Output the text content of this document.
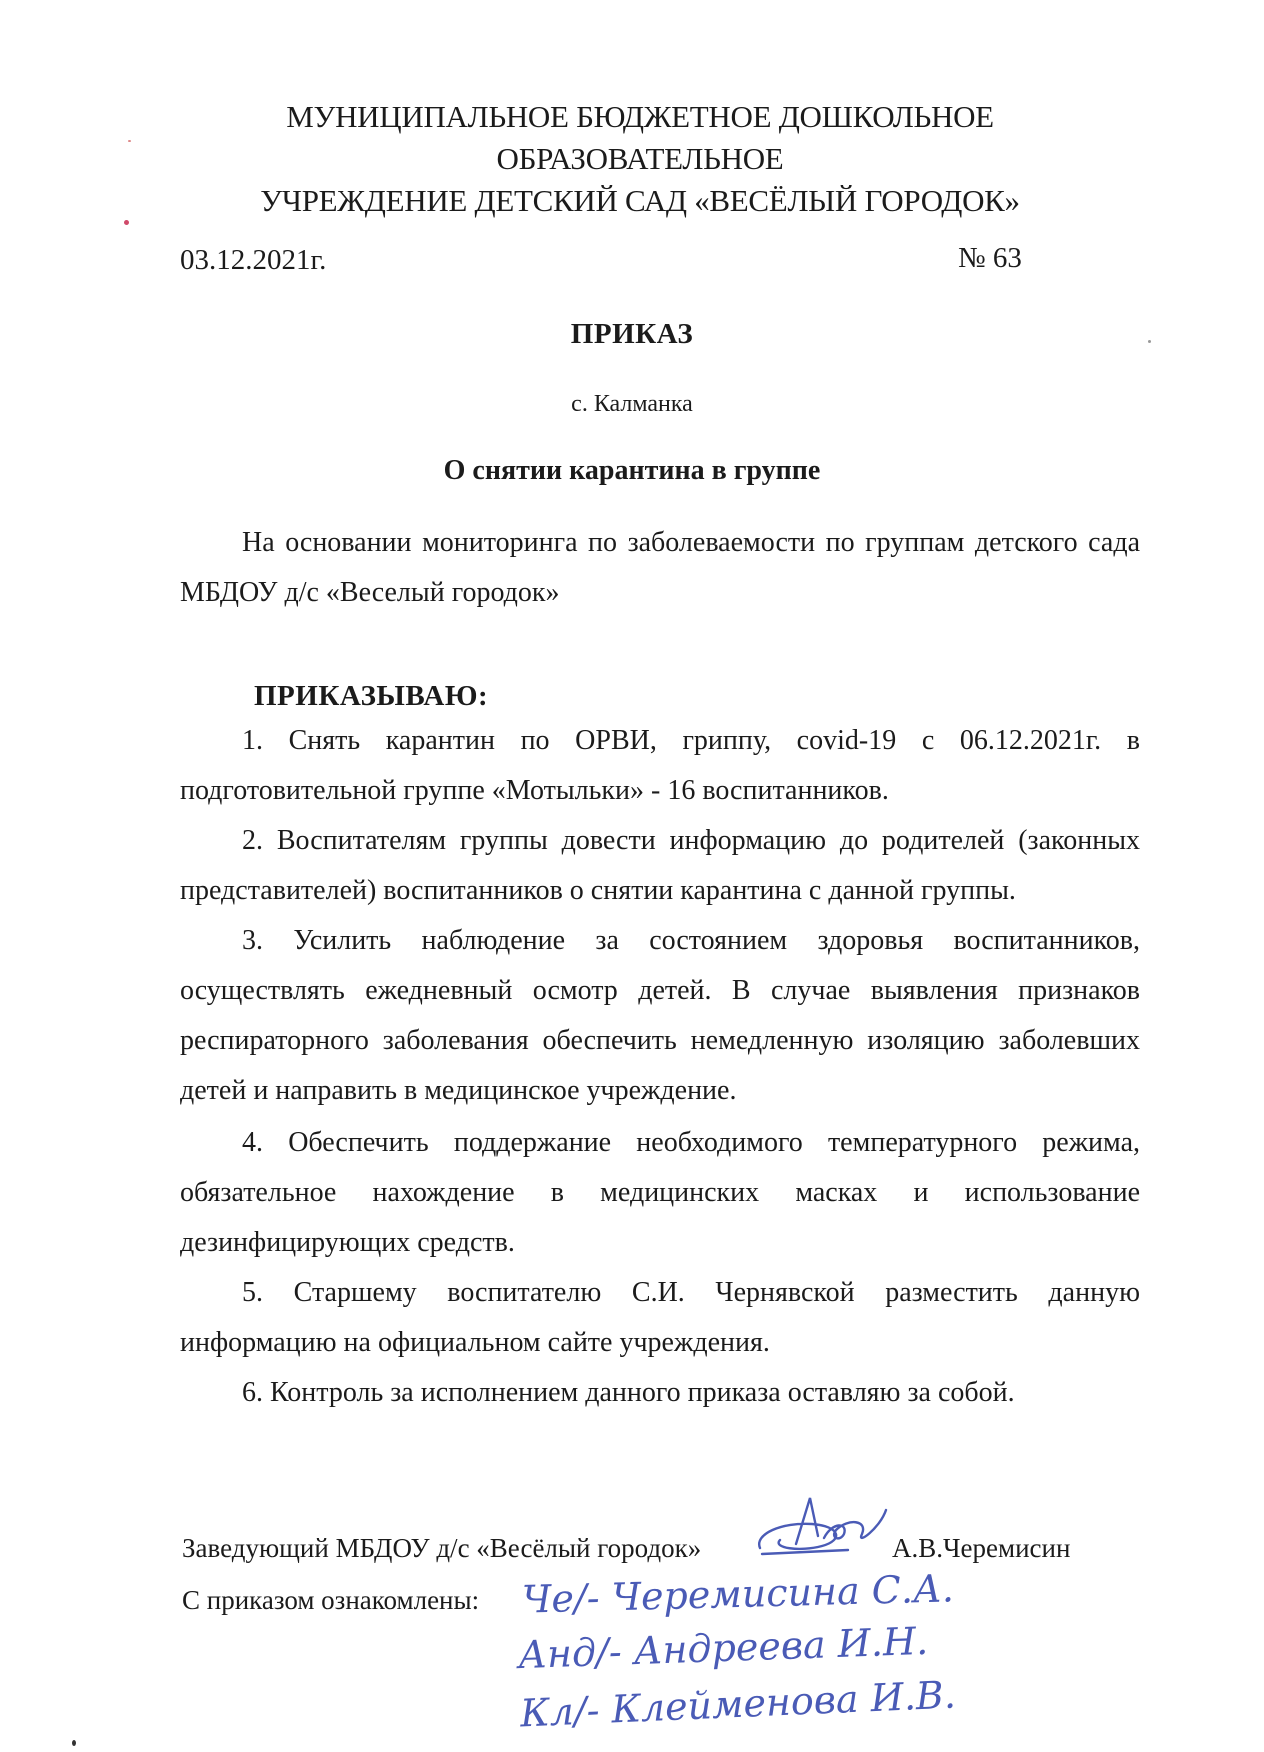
МУНИЦИПАЛЬНОЕ БЮДЖЕТНОЕ ДОШКОЛЬНОЕ ОБРАЗОВАТЕЛЬНОЕ
УЧРЕЖДЕНИЕ ДЕТСКИЙ САД «ВЕСЁЛЫЙ ГОРОДОК»
03.12.2021г.	№ 63
ПРИКАЗ
с. Калманка
О снятии карантина в группе

На основании мониторинга по заболеваемости по группам детского сада МБДОУ д/с «Веселый городок»

ПРИКАЗЫВАЮ:

1. Снять карантин по ОРВИ, гриппу, covid-19 с 06.12.2021г. в подготовительной группе «Мотыльки» - 16 воспитанников.

2. Воспитателям группы довести информацию до родителей (законных представителей) воспитанников о снятии карантина с данной группы.

3. Усилить наблюдение за состоянием здоровья воспитанников, осуществлять ежедневный осмотр детей. В случае выявления признаков респираторного заболевания обеспечить немедленную изоляцию заболевших детей и направить в медицинское учреждение.

4. Обеспечить поддержание необходимого температурного режима, обязательное нахождение в медицинских масках и использование дезинфицирующих средств.

5. Старшему воспитателю С.И. Чернявской разместить данную информацию на официальном сайте учреждения.

6. Контроль за исполнением данного приказа оставляю за собой.

Заведующий МБДОУ д/с «Весёлый городок»	А.В.Черемисин
С приказом ознакомлены: Че/- Черемисина С.А.
Анд/- Андреева И.Н.
Кл/- Клейменова И.В.
